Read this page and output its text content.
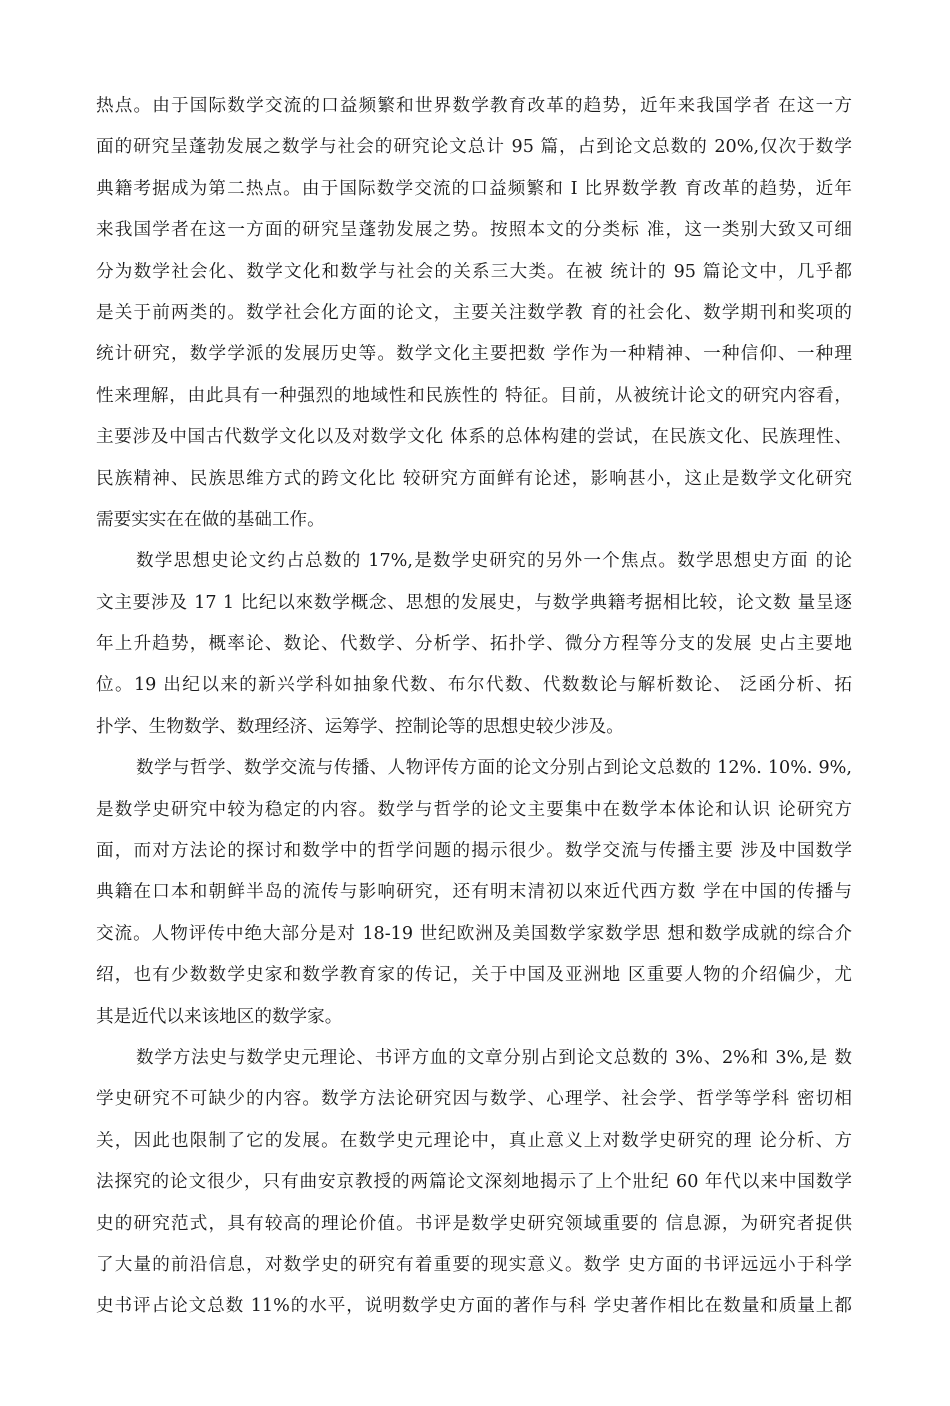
热点。由于国际数学交流的口益频繁和世界数学教育改革的趋势，近年来我国学者 在这一方
面的研究呈蓬勃发展之数学与社会的研究论文总计 95 篇，占到论文总数的 20%,仅次于数学
典籍考据成为第二热点。由于国际数学交流的口益频繁和 I 比界数学教 育改革的趋势，近年
来我国学者在这一方面的研究呈蓬勃发展之势。按照本文的分类标 准，这一类别大致又可细
分为数学社会化、数学文化和数学与社会的关系三大类。在被 统计的 95 篇论文中，几乎都
是关于前两类的。数学社会化方面的论文，主要关注数学教 育的社会化、数学期刊和奖项的
统计研究，数学学派的发展历史等。数学文化主要把数 学作为一种精神、一种信仰、一种理
性来理解，由此具有一种强烈的地域性和民族性的 特征。目前，从被统计论文的研究内容看，
主要涉及中国古代数学文化以及对数学文化 体系的总体构建的尝试，在民族文化、民族理性、
民族精神、民族思维方式的跨文化比 较研究方面鲜有论述，影响甚小，这止是数学文化研究
需要实实在在做的基础工作。
数学思想史论文约占总数的 17%,是数学史研究的另外一个焦点。数学思想史方面 的论
文主要涉及 17 1 比纪以來数学概念、思想的发展史，与数学典籍考据相比较，论文数 量呈逐
年上升趋势，概率论、数论、代数学、分析学、拓扑学、微分方程等分支的发展 史占主要地
位。19 出纪以来的新兴学科如抽象代数、布尔代数、代数数论与解析数论、 泛函分析、拓
扑学、生物数学、数理经济、运筹学、控制论等的思想史较少涉及。
数学与哲学、数学交流与传播、人物评传方面的论文分别占到论文总数的 12%. 10%. 9%,
是数学史研究中较为稳定的内容。数学与哲学的论文主要集中在数学本体论和认识 论研究方
面，而对方法论的探讨和数学中的哲学问题的揭示很少。数学交流与传播主要 涉及中国数学
典籍在口本和朝鲜半岛的流传与影响研究，还有明末清初以來近代西方数 学在中国的传播与
交流。人物评传中绝大部分是对 18-19 世纪欧洲及美国数学家数学思 想和数学成就的综合介
绍，也有少数数学史家和数学教育家的传记，关于中国及亚洲地 区重要人物的介绍偏少，尤
其是近代以来该地区的数学家。
数学方法史与数学史元理论、书评方血的文章分别占到论文总数的 3%、2%和 3%,是 数
学史研究不可缺少的内容。数学方法论研究因与数学、心理学、社会学、哲学等学科 密切相
关，因此也限制了它的发展。在数学史元理论中，真止意义上对数学史研究的理 论分析、方
法探究的论文很少，只有曲安京教授的两篇论文深刻地揭示了上个壯纪 60 年代以来中国数学
史的研究范式，具有较高的理论价值。书评是数学史研究领域重要的 信息源，为研究者捉供
了大量的前沿信息，对数学史的研究有着重要的现实意义。数学 史方面的书评远远小于科学
史书评占论文总数 11%的水平，说明数学史方面的著作与科 学史著作相比在数量和质量上都
